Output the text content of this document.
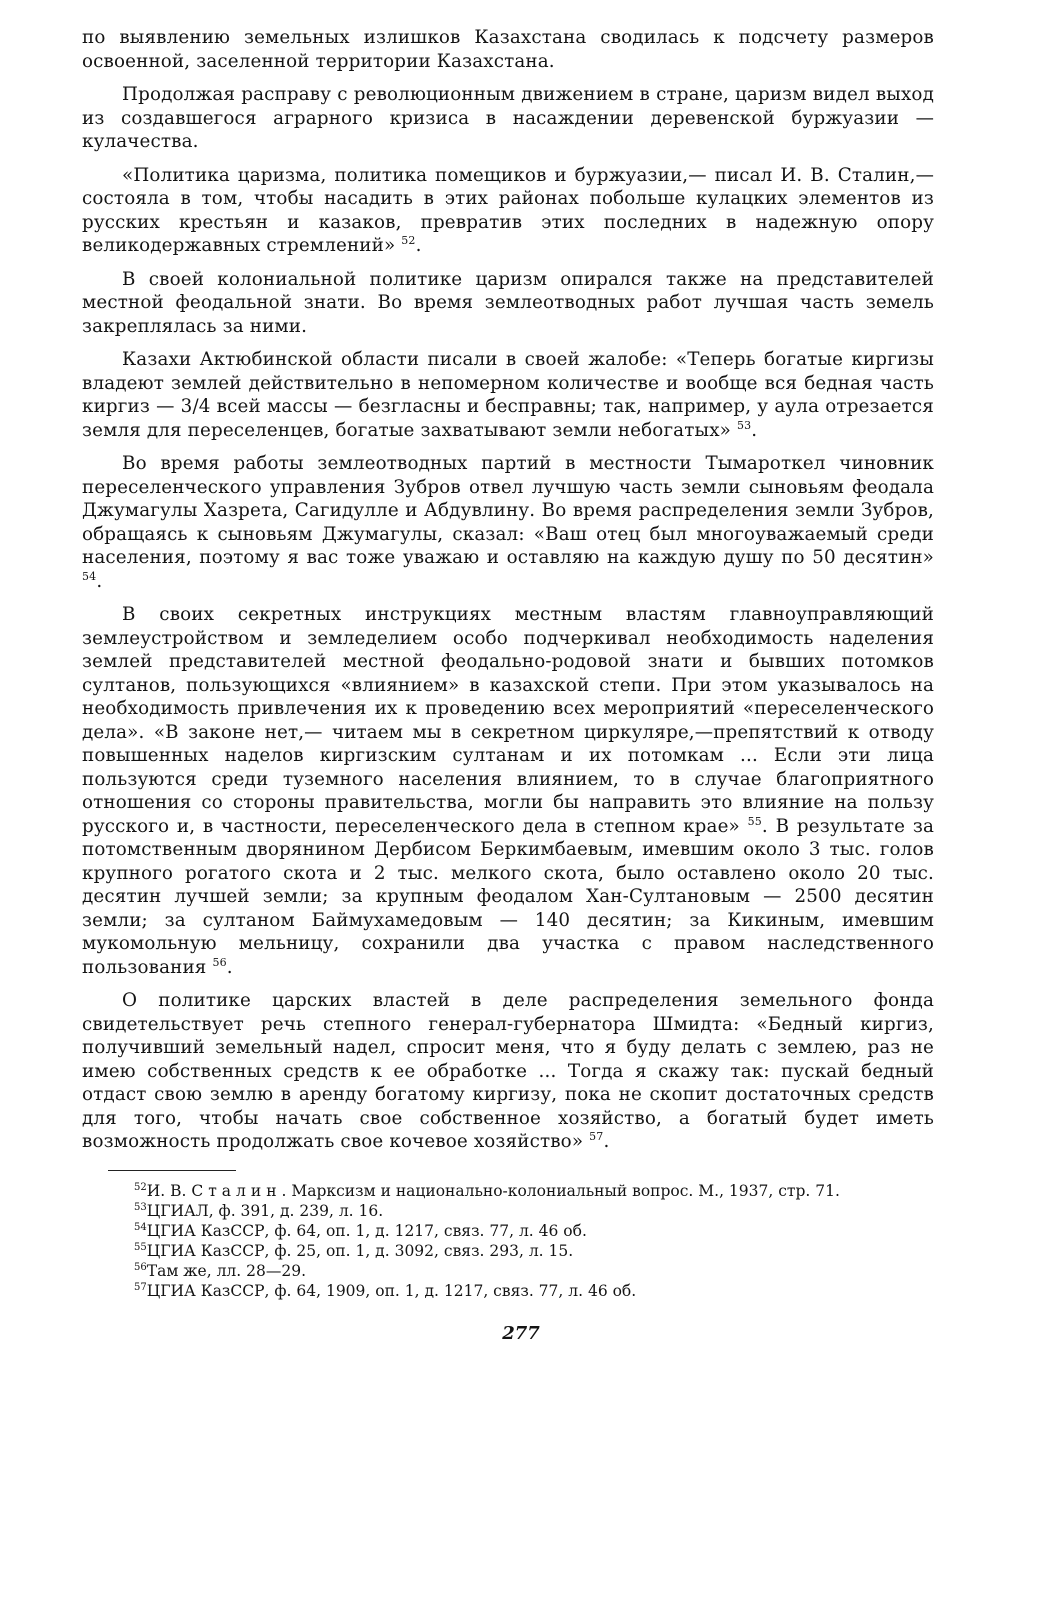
по выявлению земельных излишков Казахстана сводилась к подсчету размеров освоенной, заселенной территории Казахстана.

Продолжая расправу с революционным движением в стране, царизм видел выход из создавшегося аграрного кризиса в насаждении деревенской буржуазии — кулачества.

«Политика царизма, политика помещиков и буржуазии,— писал И. В. Сталин,— состояла в том, чтобы насадить в этих районах побольше кулацких элементов из русских крестьян и казаков, превратив этих последних в надежную опору великодержавных стремлений» $^{52}$.

В своей колониальной политике царизм опирался также на представителей местной феодальной знати. Во время землеотводных работ лучшая часть земель закреплялась за ними.

Казахи Актюбинской области писали в своей жалобе: «Теперь богатые киргизы владеют землей действительно в непомерном количестве и вообще вся бедная часть киргиз — 3/4 всей массы — безгласны и бесправны; так, например, у аула отрезается земля для переселенцев, богатые захватывают земли небогатых» $^{53}$.

Во время работы землеотводных партий в местности Тымароткел чиновник переселенческого управления Зубров отвел лучшую часть земли сыновьям феодала Джумагулы Хазрета, Сагидулле и Абдувлину. Во время распределения земли Зубров, обращаясь к сыновьям Джумагулы, сказал: «Ваш отец был многоуважаемый среди населения, поэтому я вас тоже уважаю и оставляю на каждую душу по 50 десятин» $^{54}$.

В своих секретных инструкциях местным властям главноуправляющий землеустройством и земледелием особо подчеркивал необходимость наделения землей представителей местной феодально-родовой знати и бывших потомков султанов, пользующихся «влиянием» в казахской степи. При этом указывалось на необходимость привлечения их к проведению всех мероприятий «переселенческого дела». «В законе нет,— читаем мы в секретном циркуляре,—препятствий к отводу повышенных наделов киргизским султанам и их потомкам ... Если эти лица пользуются среди туземного населения влиянием, то в случае благоприятного отношения со стороны правительства, могли бы направить это влияние на пользу русского и, в частности, переселенческого дела в степном крае» $^{55}$. В результате за потомственным дворянином Дербисом Беркимбаевым, имевшим около 3 тыс. голов крупного рогатого скота и 2 тыс. мелкого скота, было оставлено около 20 тыс. десятин лучшей земли; за крупным феодалом Хан-Султановым — 2500 десятин земли; за султаном Баймухамедовым — 140 десятин; за Кикиным, имевшим мукомольную мельницу, сохранили два участка с правом наследственного пользования $^{56}$.

О политике царских властей в деле распределения земельного фонда свидетельствует речь степного генерал-губернатора Шмидта: «Бедный киргиз, получивший земельный надел, спросит меня, что я буду делать с землею, раз не имею собственных средств к ее обработке ... Тогда я скажу так: пускай бедный отдаст свою землю в аренду богатому киргизу, пока не скопит достаточных средств для того, чтобы начать свое собственное хозяйство, а богатый будет иметь возможность продолжать свое кочевое хозяйство» $^{57}$.

$^{52}$И. В. Сталин. Марксизм и национально-колониальный вопрос. М., 1937, стр. 71.

$^{53}$ЦГИАЛ, ф. 391, д. 239, л. 16.

$^{54}$ЦГИА КазССР, ф. 64, оп. 1, д. 1217, связ. 77, л. 46 об.

$^{55}$ЦГИА КазССР, ф. 25, оп. 1, д. 3092, связ. 293, л. 15.

$^{56}$Там же, лл. 28—29.

$^{57}$ЦГИА КазССР, ф. 64, 1909, оп. 1, д. 1217, связ. 77, л. 46 об.

277
